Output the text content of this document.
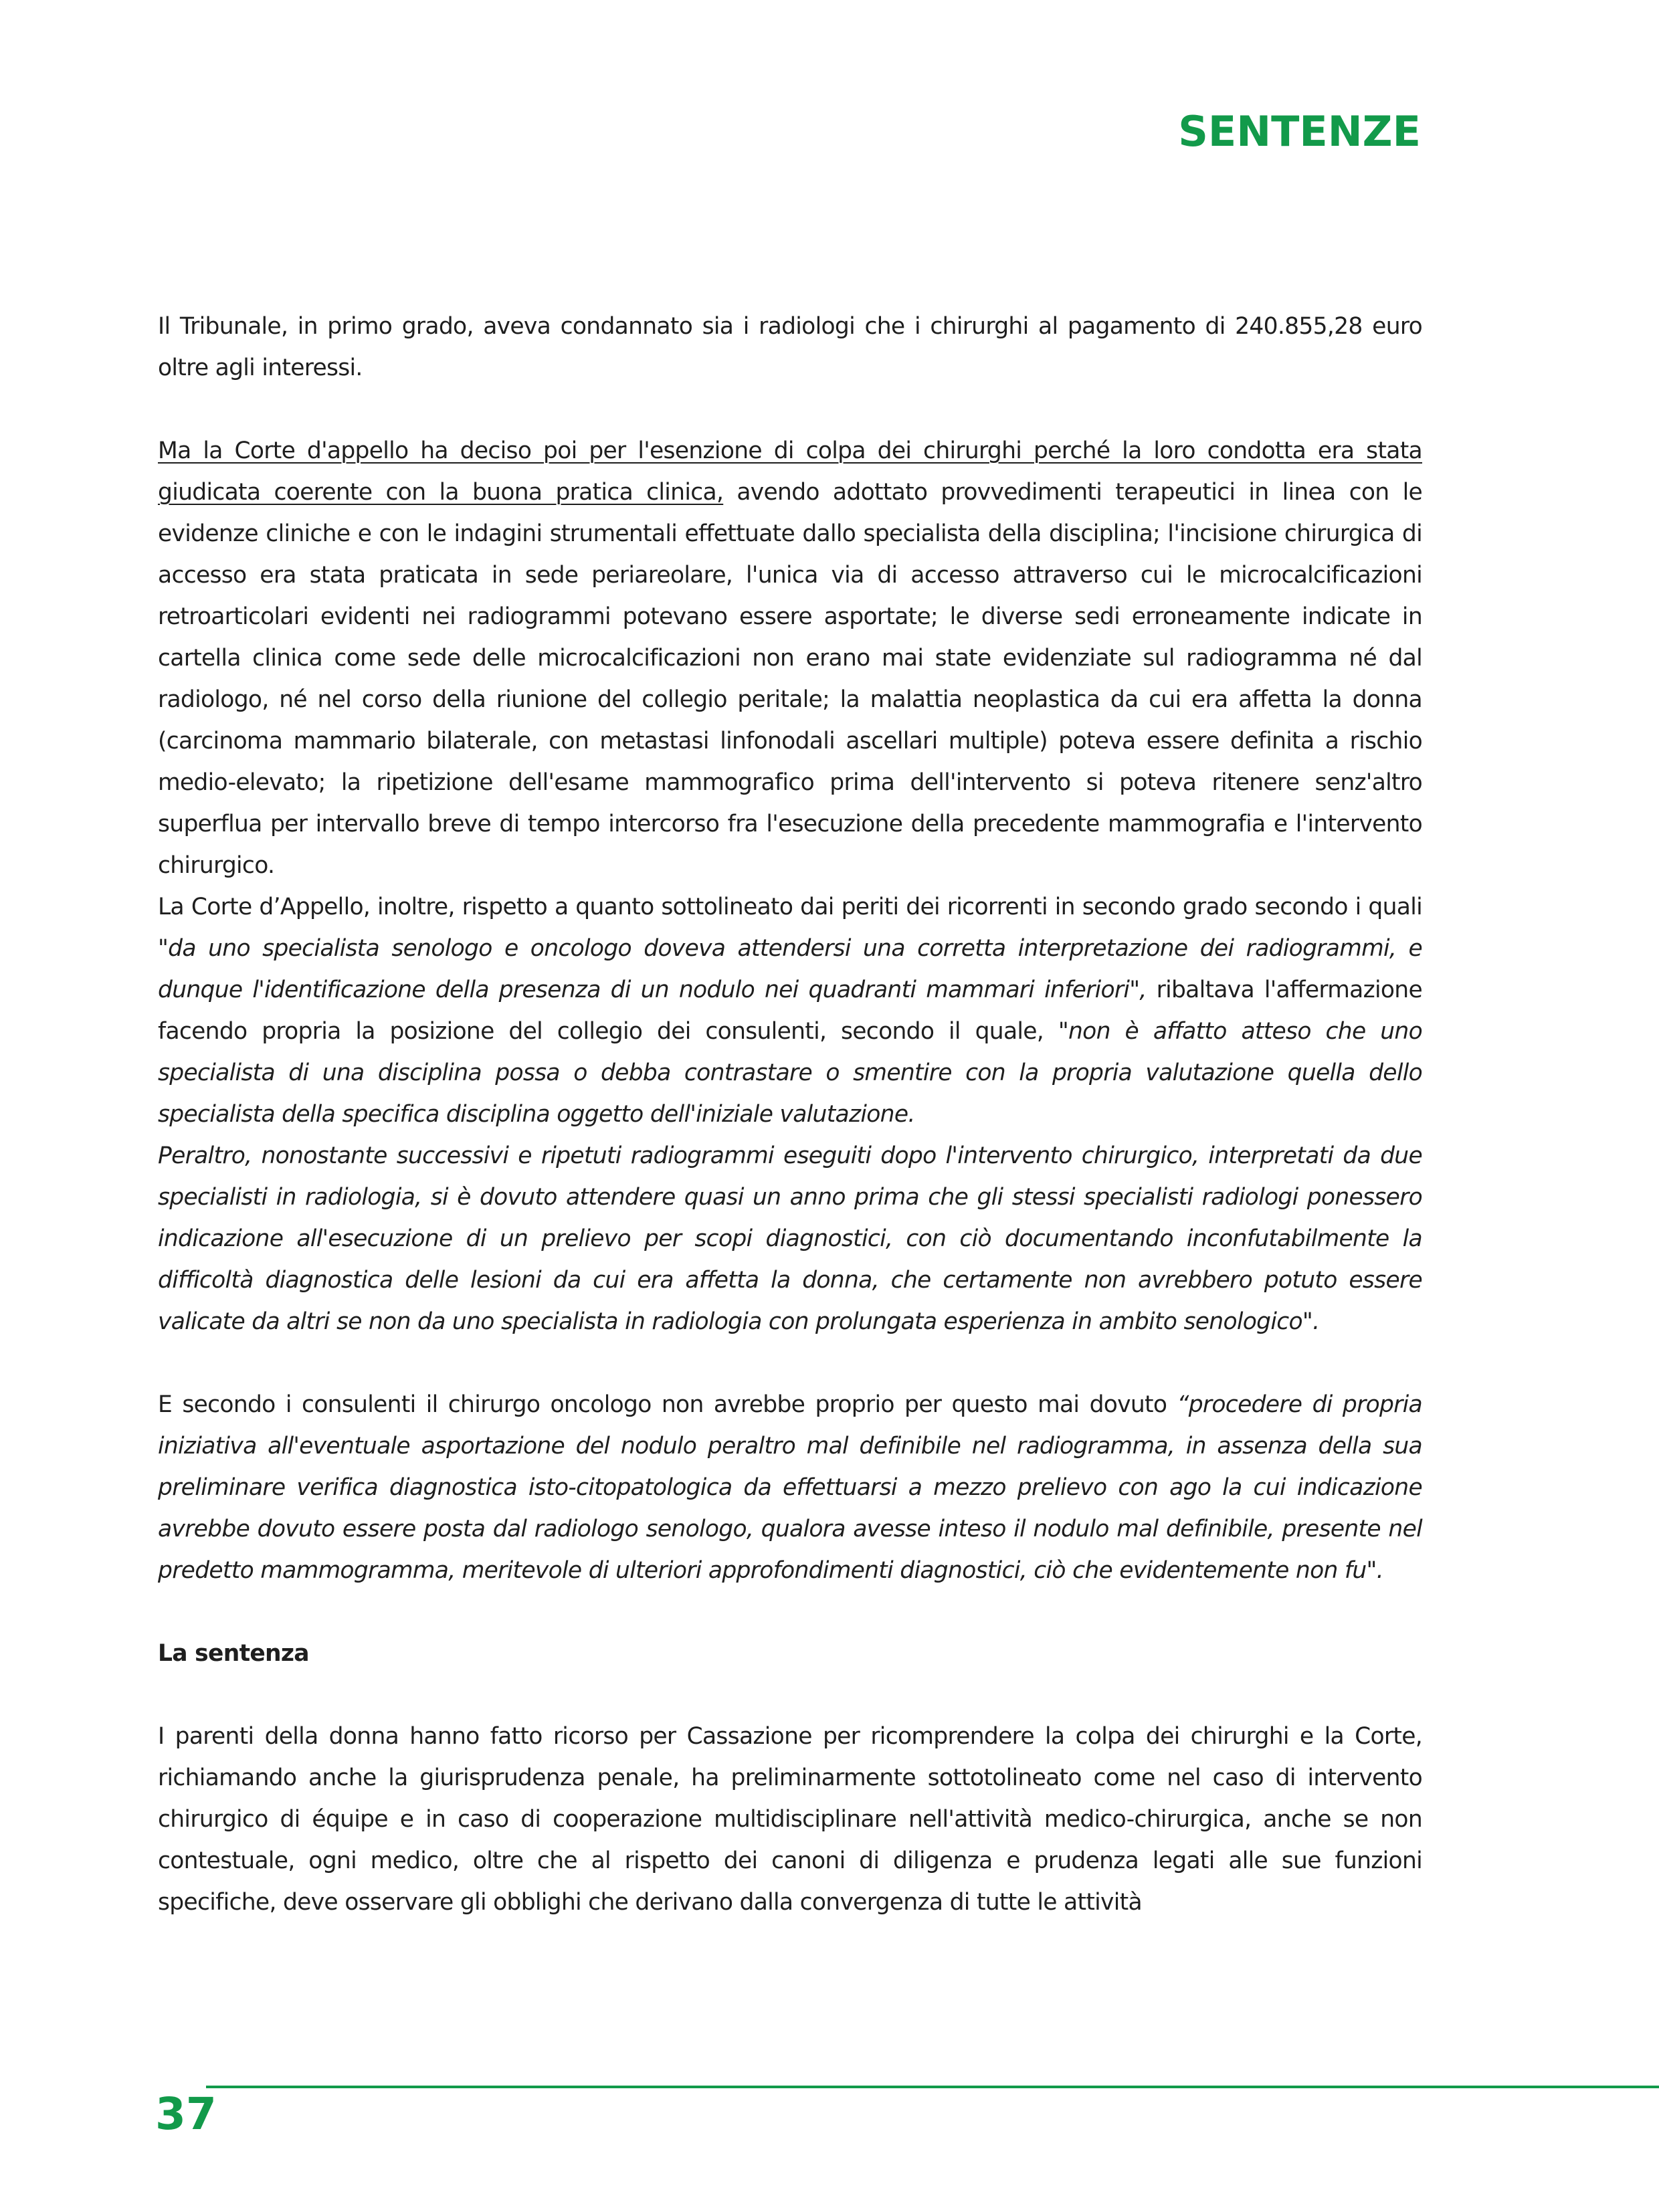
SENTENZE

Il Tribunale, in primo grado, aveva condannato sia i radiologi che i chirurghi al pagamento di 240.855,28 euro oltre agli interessi.

Ma la Corte d'appello ha deciso poi per l'esenzione di colpa dei chirurghi perché la loro condotta era stata giudicata coerente con la buona pratica clinica, avendo adottato provvedimenti terapeutici in linea con le evidenze cliniche e con le indagini strumentali effettuate dallo specialista della disciplina; l'incisione chirurgica di accesso era stata praticata in sede periareolare, l'unica via di accesso attraverso cui le microcalcificazioni retroarticolari evidenti nei radiogrammi potevano essere asportate; le diverse sedi erroneamente indicate in cartella clinica come sede delle microcalcificazioni non erano mai state evidenziate sul radiogramma né dal radiologo, né nel corso della riunione del collegio peritale; la malattia neoplastica da cui era affetta la donna (carcinoma mammario bilaterale, con metastasi linfonodali ascellari multiple) poteva essere definita a rischio medio-elevato; la ripetizione dell'esame mammografico prima dell'intervento si poteva ritenere senz'altro superflua per intervallo breve di tempo intercorso fra l'esecuzione della precedente mammografia e l'intervento chirurgico.

La Corte d’Appello, inoltre, rispetto a quanto sottolineato dai periti dei ricorrenti in secondo grado secondo i quali "da uno specialista senologo e oncologo doveva attendersi una corretta interpretazione dei radiogrammi, e dunque l'identificazione della presenza di un nodulo nei quadranti mammari inferiori", ribaltava l'affermazione facendo propria la posizione del collegio dei consulenti, secondo il quale, "non è affatto atteso che uno specialista di una disciplina possa o debba contrastare o smentire con la propria valutazione quella dello specialista della specifica disciplina oggetto dell'iniziale valutazione.

Peraltro, nonostante successivi e ripetuti radiogrammi eseguiti dopo l'intervento chirurgico, interpretati da due specialisti in radiologia, si è dovuto attendere quasi un anno prima che gli stessi specialisti radiologi ponessero indicazione all'esecuzione di un prelievo per scopi diagnostici, con ciò documentando inconfutabilmente la difficoltà diagnostica delle lesioni da cui era affetta la donna, che certamente non avrebbero potuto essere valicate da altri se non da uno specialista in radiologia con prolungata esperienza in ambito senologico".

E secondo i consulenti il chirurgo oncologo non avrebbe proprio per questo mai dovuto “procedere di propria iniziativa all'eventuale asportazione del nodulo peraltro mal definibile nel radiogramma, in assenza della sua preliminare verifica diagnostica isto-citopatologica da effettuarsi a mezzo prelievo con ago la cui indicazione avrebbe dovuto essere posta dal radiologo senologo, qualora avesse inteso il nodulo mal definibile, presente nel predetto mammogramma, meritevole di ulteriori approfondimenti diagnostici, ciò che evidentemente non fu".

La sentenza

I parenti della donna hanno fatto ricorso per Cassazione per ricomprendere la colpa dei chirurghi e la Corte, richiamando anche la giurisprudenza penale, ha preliminarmente sottotolineato come nel caso di intervento chirurgico di équipe e in caso di cooperazione multidisciplinare nell'attività medico-chirurgica, anche se non contestuale, ogni medico, oltre che al rispetto dei canoni di diligenza e prudenza legati alle sue funzioni specifiche, deve osservare gli obblighi che derivano dalla convergenza di tutte le attività

37
